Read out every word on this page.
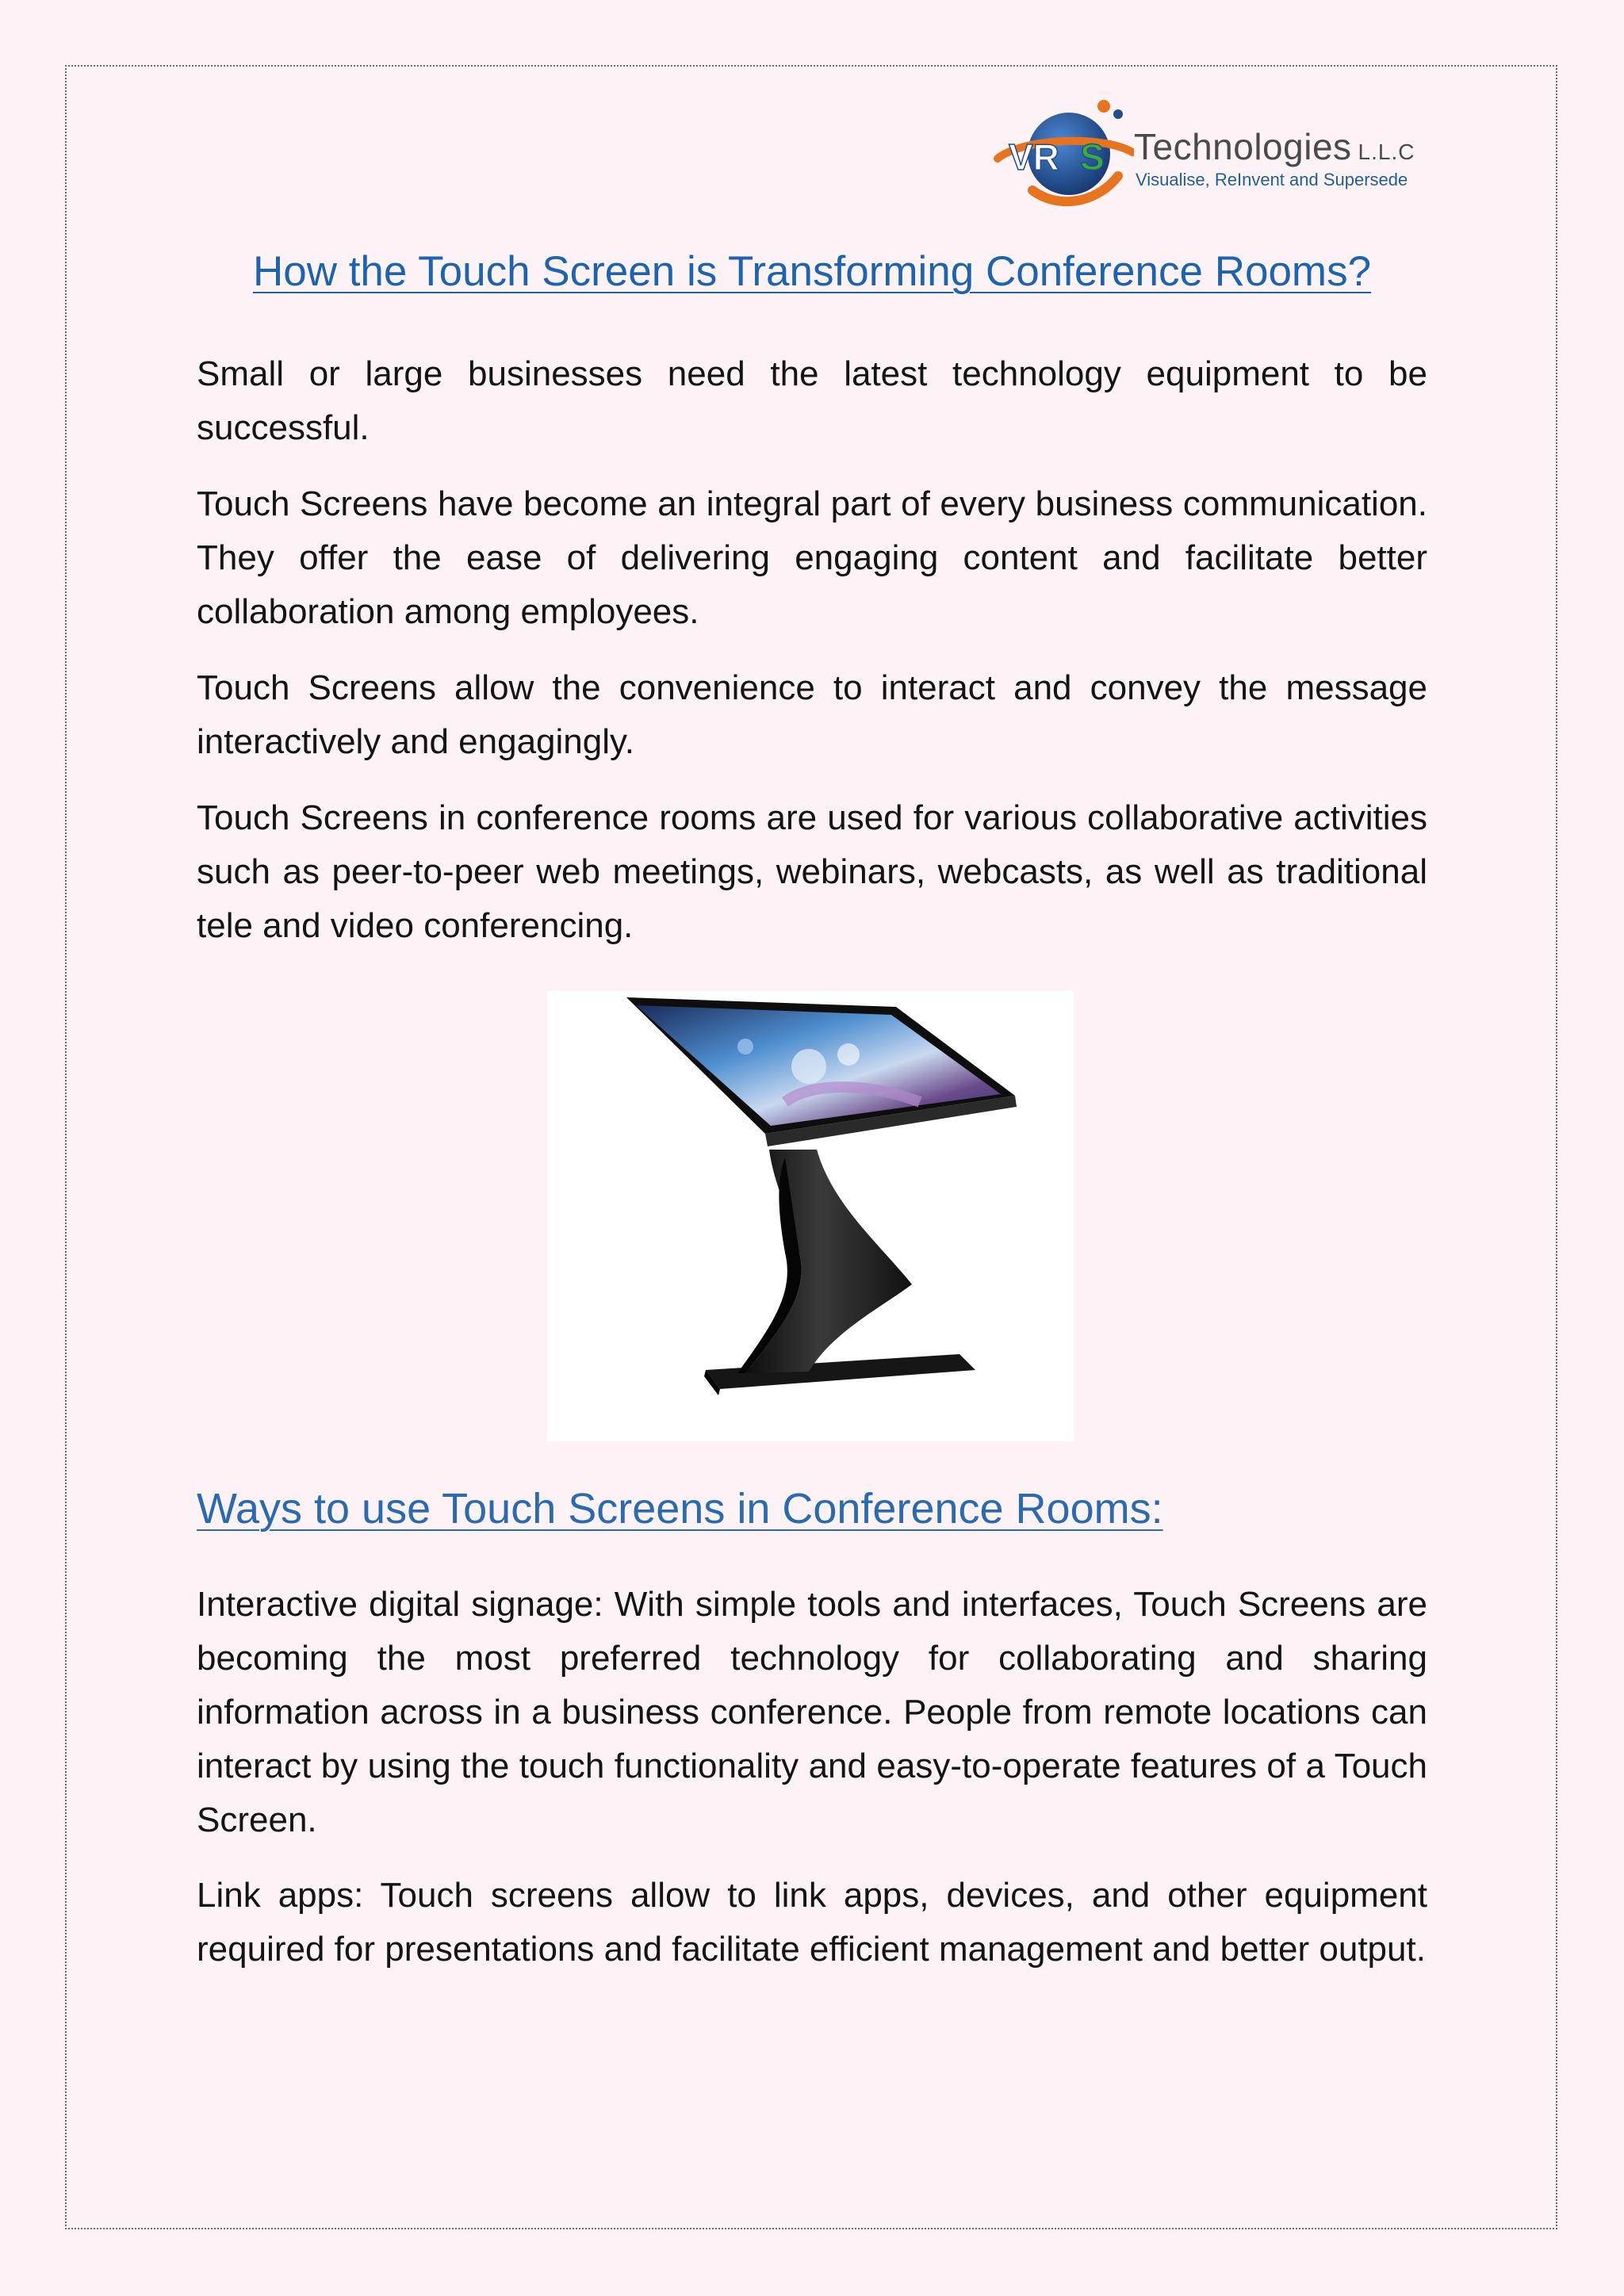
VR S Technologies L.L.C
Visualise, ReInvent and Supersede
How the Touch Screen is Transforming Conference Rooms?

Small or large businesses need the latest technology equipment to be successful.

Touch Screens have become an integral part of every business communication. They offer the ease of delivering engaging content and facilitate better collaboration among employees.

Touch Screens allow the convenience to interact and convey the message interactively and engagingly.

Touch Screens in conference rooms are used for various collaborative activities such as peer-to-peer web meetings, webinars, webcasts, as well as traditional tele and video conferencing.

Ways to use Touch Screens in Conference Rooms:

Interactive digital signage: With simple tools and interfaces, Touch Screens are becoming the most preferred technology for collaborating and sharing information across in a business conference. People from remote locations can interact by using the touch functionality and easy-to-operate features of a Touch Screen.

Link apps: Touch screens allow to link apps, devices, and other equipment required for presentations and facilitate efficient management and better output.
